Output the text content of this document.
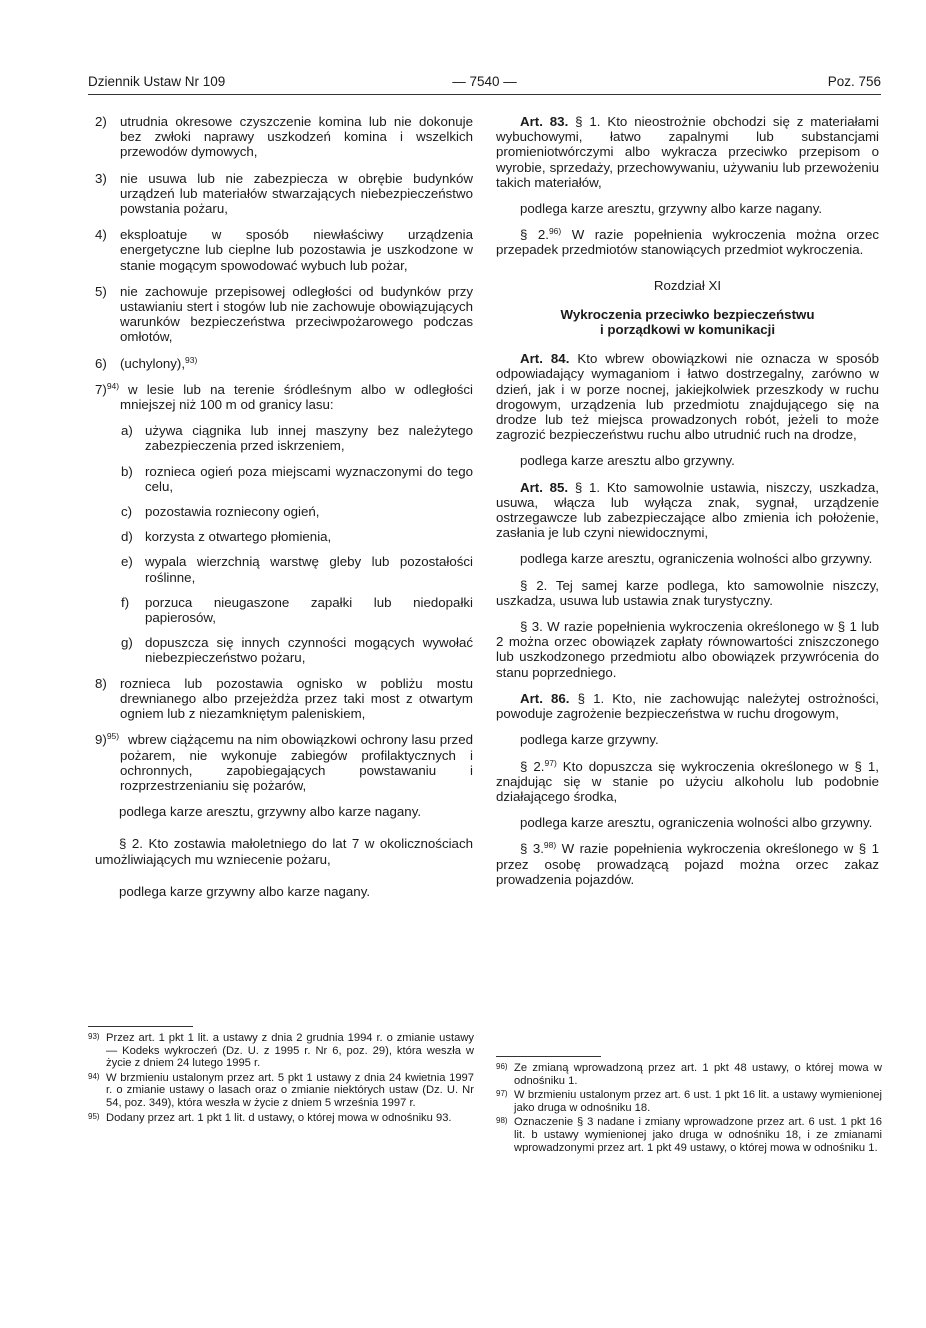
Dziennik Ustaw Nr 109	— 7540 —	Poz. 756
2) utrudnia okresowe czyszczenie komina lub nie dokonuje bez zwłoki naprawy uszkodzeń komina i wszelkich przewodów dymowych,
3) nie usuwa lub nie zabezpiecza w obrębie budynków urządzeń lub materiałów stwarzających niebezpieczeństwo powstania pożaru,
4) eksploatuje w sposób niewłaściwy urządzenia energetyczne lub cieplne lub pozostawia je uszkodzone w stanie mogącym spowodować wybuch lub pożar,
5) nie zachowuje przepisowej odległości od budynków przy ustawianiu stert i stogów lub nie zachowuje obowiązujących warunków bezpieczeństwa przeciwpożarowego podczas omłotów,
6) (uchylony),$^{93)}$
7)$^{94)}$ w lesie lub na terenie śródleśnym albo w odległości mniejszej niż 100 m od granicy lasu:
a) używa ciągnika lub innej maszyny bez należytego zabezpieczenia przed iskrzeniem,
b) roznieca ogień poza miejscami wyznaczonymi do tego celu,
c) pozostawia rozniecony ogień,
d) korzysta z otwartego płomienia,
e) wypala wierzchnią warstwę gleby lub pozostałości roślinne,
f) porzuca nieugaszone zapałki lub niedopałki papierosów,
g) dopuszcza się innych czynności mogących wywołać niebezpieczeństwo pożaru,
8) roznieca lub pozostawia ognisko w pobliżu mostu drewnianego albo przejeżdża przez taki most z otwartym ogniem lub z niezamkniętym paleniskiem,
9)$^{95)}$ wbrew ciążącemu na nim obowiązkowi ochrony lasu przed pożarem, nie wykonuje zabiegów profilaktycznych i ochronnych, zapobiegających powstawaniu i rozprzestrzenianiu się pożarów,

podlega karze aresztu, grzywny albo karze nagany.

§ 2. Kto zostawia małoletniego do lat 7 w okolicznościach umożliwiających mu wzniecenie pożaru,

podlega karze grzywny albo karze nagany.

93) Przez art. 1 pkt 1 lit. a ustawy z dnia 2 grudnia 1994 r. o zmianie ustawy — Kodeks wykroczeń (Dz. U. z 1995 r. Nr 6, poz. 29), która weszła w życie z dniem 24 lutego 1995 r.
94) W brzmieniu ustalonym przez art. 5 pkt 1 ustawy z dnia 24 kwietnia 1997 r. o zmianie ustawy o lasach oraz o zmianie niektórych ustaw (Dz. U. Nr 54, poz. 349), która weszła w życie z dniem 5 września 1997 r.
95) Dodany przez art. 1 pkt 1 lit. d ustawy, o której mowa w odnośniku 93.

Art. 83. § 1. Kto nieostrożnie obchodzi się z materiałami wybuchowymi, łatwo zapalnymi lub substancjami promieniotwórczymi albo wykracza przeciwko przepisom o wyrobie, sprzedaży, przechowywaniu, używaniu lub przewożeniu takich materiałów,

podlega karze aresztu, grzywny albo karze nagany.

§ 2.$^{96)}$ W razie popełnienia wykroczenia można orzec przepadek przedmiotów stanowiących przedmiot wykroczenia.

Rozdział XI

Wykroczenia przeciwko bezpieczeństwu
i porządkowi w komunikacji

Art. 84. Kto wbrew obowiązkowi nie oznacza w sposób odpowiadający wymaganiom i łatwo dostrzegalny, zarówno w dzień, jak i w porze nocnej, jakiejkolwiek przeszkody w ruchu drogowym, urządzenia lub przedmiotu znajdującego się na drodze lub też miejsca prowadzonych robót, jeżeli to może zagrozić bezpieczeństwu ruchu albo utrudnić ruch na drodze,

podlega karze aresztu albo grzywny.

Art. 85. § 1. Kto samowolnie ustawia, niszczy, uszkadza, usuwa, włącza lub wyłącza znak, sygnał, urządzenie ostrzegawcze lub zabezpieczające albo zmienia ich położenie, zasłania je lub czyni niewidocznymi,

podlega karze aresztu, ograniczenia wolności albo grzywny.

§ 2. Tej samej karze podlega, kto samowolnie niszczy, uszkadza, usuwa lub ustawia znak turystyczny.

§ 3. W razie popełnienia wykroczenia określonego w § 1 lub 2 można orzec obowiązek zapłaty równowartości zniszczonego lub uszkodzonego przedmiotu albo obowiązek przywrócenia do stanu poprzedniego.

Art. 86. § 1. Kto, nie zachowując należytej ostrożności, powoduje zagrożenie bezpieczeństwa w ruchu drogowym,

podlega karze grzywny.

§ 2.$^{97)}$ Kto dopuszcza się wykroczenia określonego w § 1, znajdując się w stanie po użyciu alkoholu lub podobnie działającego środka,

podlega karze aresztu, ograniczenia wolności albo grzywny.

§ 3.$^{98)}$ W razie popełnienia wykroczenia określonego w § 1 przez osobę prowadzącą pojazd można orzec zakaz prowadzenia pojazdów.

96) Ze zmianą wprowadzoną przez art. 1 pkt 48 ustawy, o której mowa w odnośniku 1.
97) W brzmieniu ustalonym przez art. 6 ust. 1 pkt 16 lit. a ustawy wymienionej jako druga w odnośniku 18.
98) Oznaczenie § 3 nadane i zmiany wprowadzone przez art. 6 ust. 1 pkt 16 lit. b ustawy wymienionej jako druga w odnośniku 18, i ze zmianami wprowadzonymi przez art. 1 pkt 49 ustawy, o której mowa w odnośniku 1.
